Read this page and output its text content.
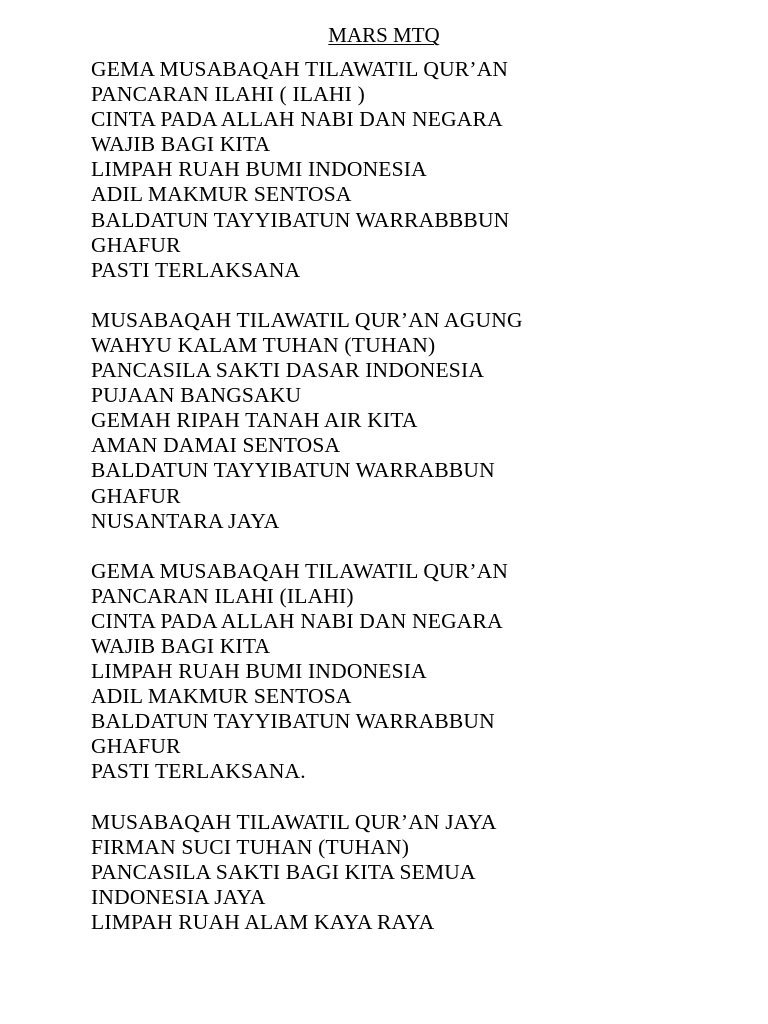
MARS MTQ
GEMA MUSABAQAH TILAWATIL QUR’AN
PANCARAN ILAHI ( ILAHI )
CINTA PADA ALLAH NABI DAN NEGARA
WAJIB BAGI KITA
LIMPAH RUAH BUMI INDONESIA
ADIL MAKMUR SENTOSA
BALDATUN TAYYIBATUN WARRABBBUN
GHAFUR
PASTI TERLAKSANA
MUSABAQAH TILAWATIL QUR’AN AGUNG
WAHYU KALAM TUHAN (TUHAN)
PANCASILA SAKTI DASAR INDONESIA
PUJAAN BANGSAKU
GEMAH RIPAH TANAH AIR KITA
AMAN DAMAI SENTOSA
BALDATUN TAYYIBATUN WARRABBUN
GHAFUR
NUSANTARA JAYA
GEMA MUSABAQAH TILAWATIL QUR’AN
PANCARAN ILAHI (ILAHI)
CINTA PADA ALLAH NABI DAN NEGARA
WAJIB BAGI KITA
LIMPAH RUAH BUMI INDONESIA
ADIL MAKMUR SENTOSA
BALDATUN TAYYIBATUN WARRABBUN
GHAFUR
PASTI TERLAKSANA.
MUSABAQAH TILAWATIL QUR’AN JAYA
FIRMAN SUCI TUHAN (TUHAN)
PANCASILA SAKTI BAGI KITA SEMUA
INDONESIA JAYA
LIMPAH RUAH ALAM KAYA RAYA
